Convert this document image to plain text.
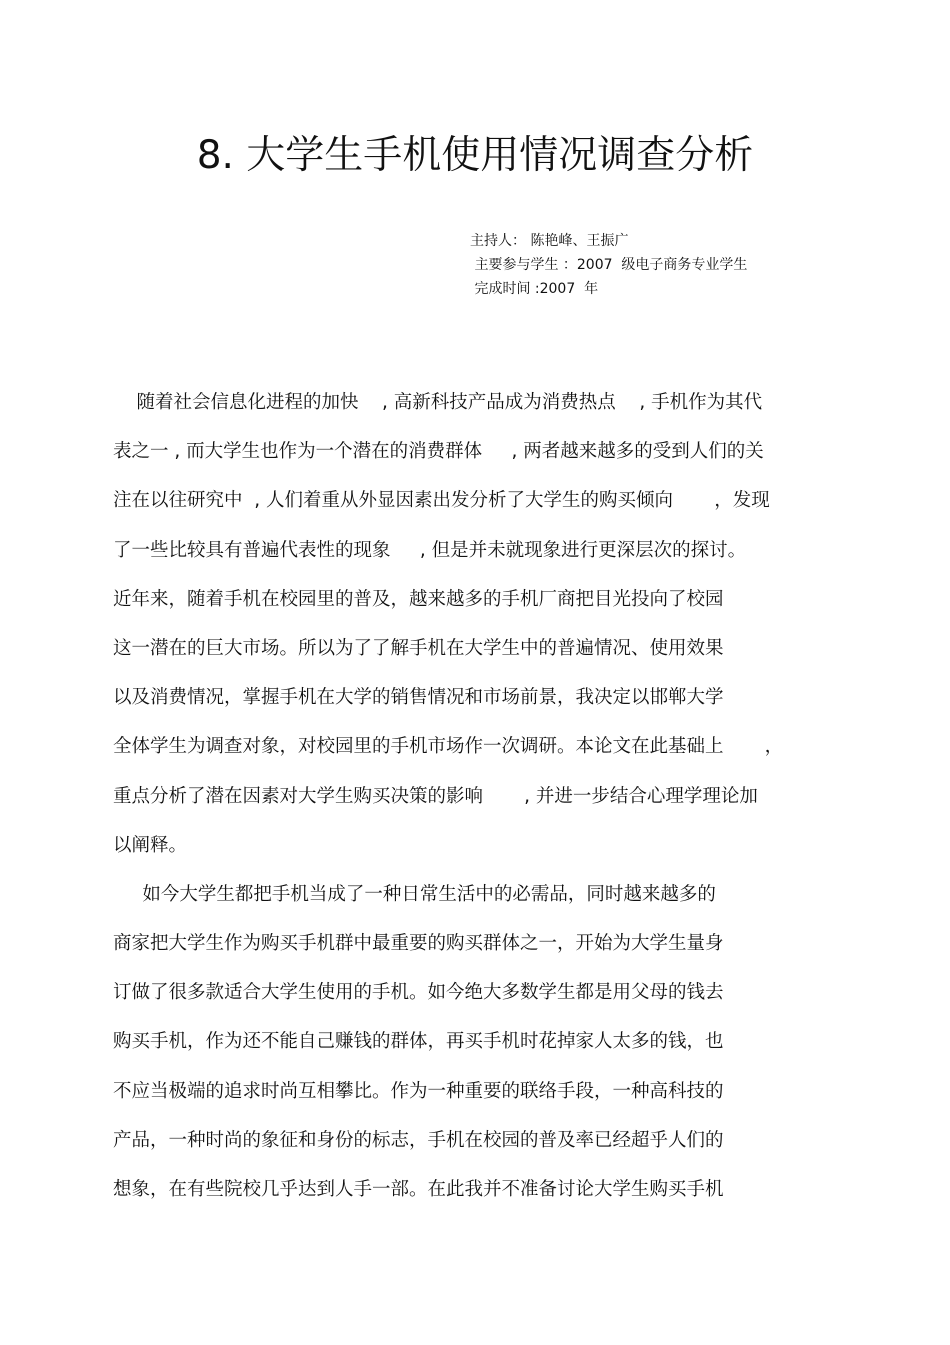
8. 大学生手机使用情况调查分析
主持人： 陈艳峰、王振广
主要参与学生 ：2007  级电子商务专业学生
完成时间 :2007  年
随着社会信息化进程的加快    , 高新科技产品成为消费热点    , 手机作为其代
表之一 , 而大学生也作为一个潜在的消费群体     , 两者越来越多的受到人们的关
注在以往研究中  , 人们着重从外显因素出发分析了大学生的购买倾向       ，发现
了一些比较具有普遍代表性的现象     , 但是并未就现象进行更深层次的探讨。
近年来，随着手机在校园里的普及，越来越多的手机厂商把目光投向了校园
这一潜在的巨大市场。所以为了了解手机在大学生中的普遍情况、使用效果
以及消费情况，掌握手机在大学的销售情况和市场前景，我决定以邯郸大学
全体学生为调查对象，对校园里的手机市场作一次调研。本论文在此基础上       ，
重点分析了潜在因素对大学生购买决策的影响       , 并进一步结合心理学理论加
以阐释。
如今大学生都把手机当成了一种日常生活中的必需品，同时越来越多的
商家把大学生作为购买手机群中最重要的购买群体之一，开始为大学生量身
订做了很多款适合大学生使用的手机。如今绝大多数学生都是用父母的钱去
购买手机，作为还不能自己赚钱的群体，再买手机时花掉家人太多的钱，也
不应当极端的追求时尚互相攀比。作为一种重要的联络手段，一种高科技的
产品，一种时尚的象征和身份的标志，手机在校园的普及率已经超乎人们的
想象，在有些院校几乎达到人手一部。在此我并不准备讨论大学生购买手机
